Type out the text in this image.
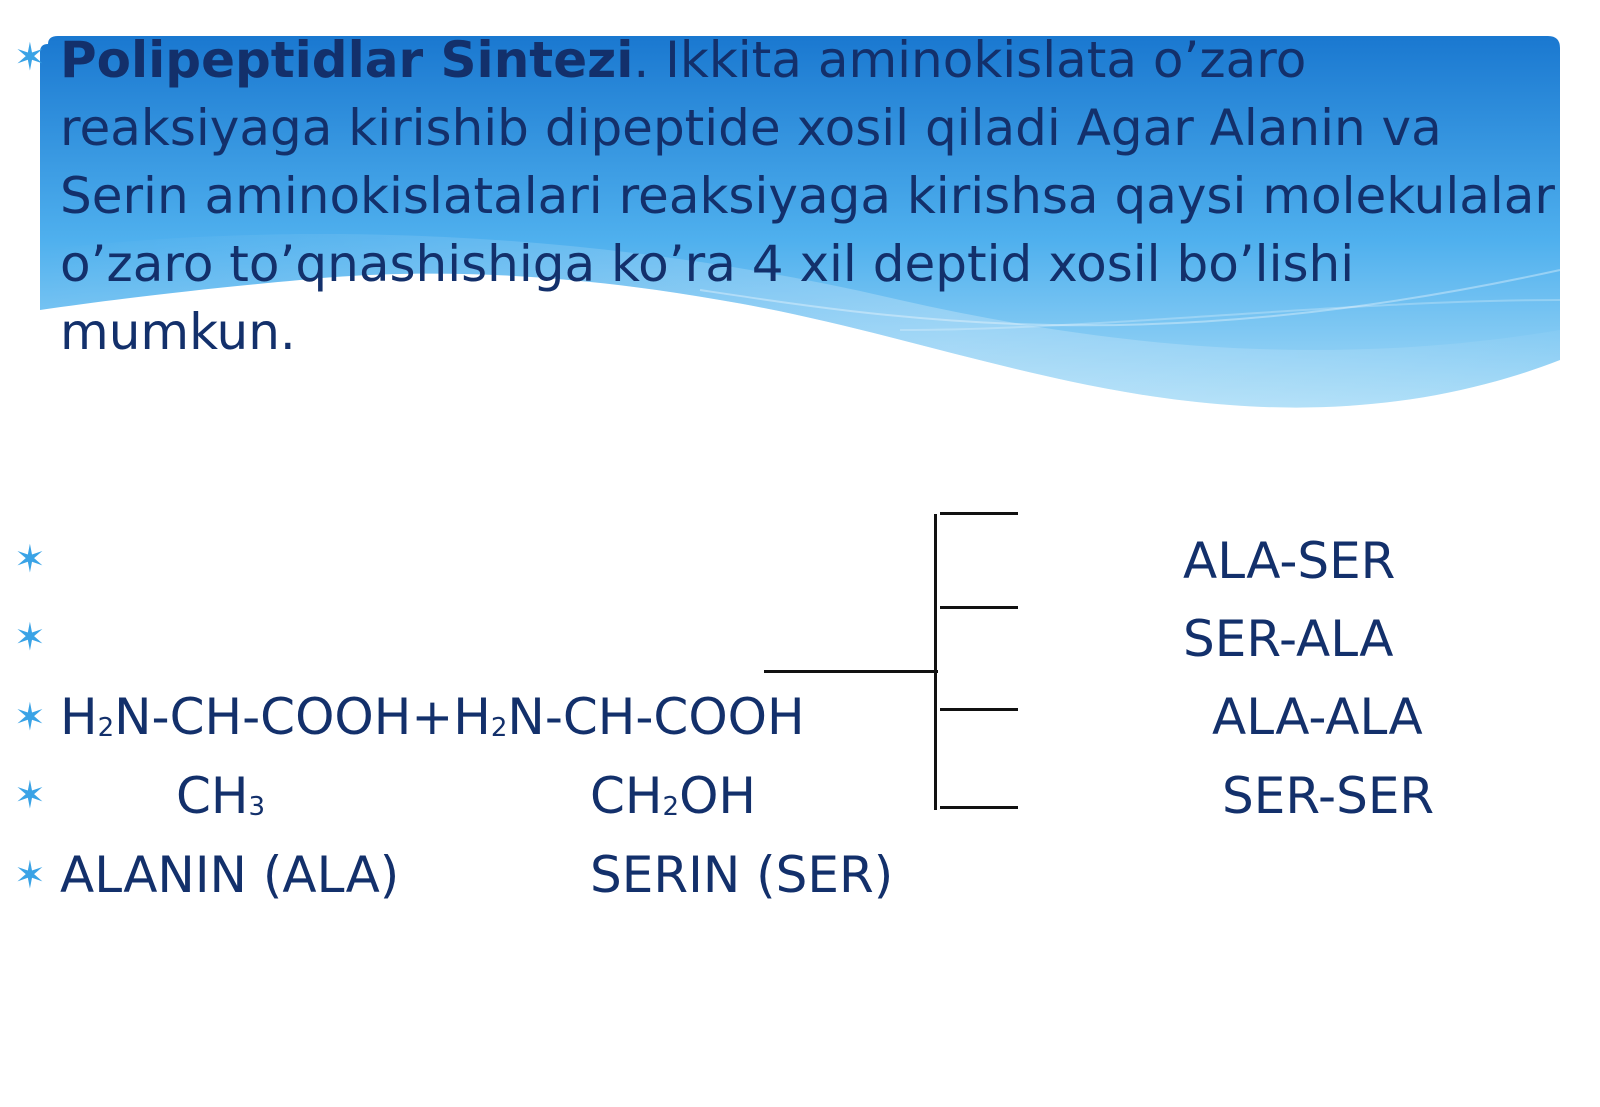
✶ Polipeptidlar Sintezi. Ikkita aminokislata o’zaro reaksiyaga kirishib dipeptide xosil qiladi Agar Alanin va Serin aminokislatalari reaksiyaga kirishsa qaysi molekulalar o’zaro to’qnashishiga ko’ra 4 xil deptid xosil bo’lishi mumkun.
✶
✶
✶
✶
✶
$H_2N-CH-COOH+H_2N-CH$-COOH
$CH_3$	$CH_2OH$
ALANIN (ALA)	SERIN (SER)
ALA-SER
SER-ALA
ALA-ALA
SER-SER
